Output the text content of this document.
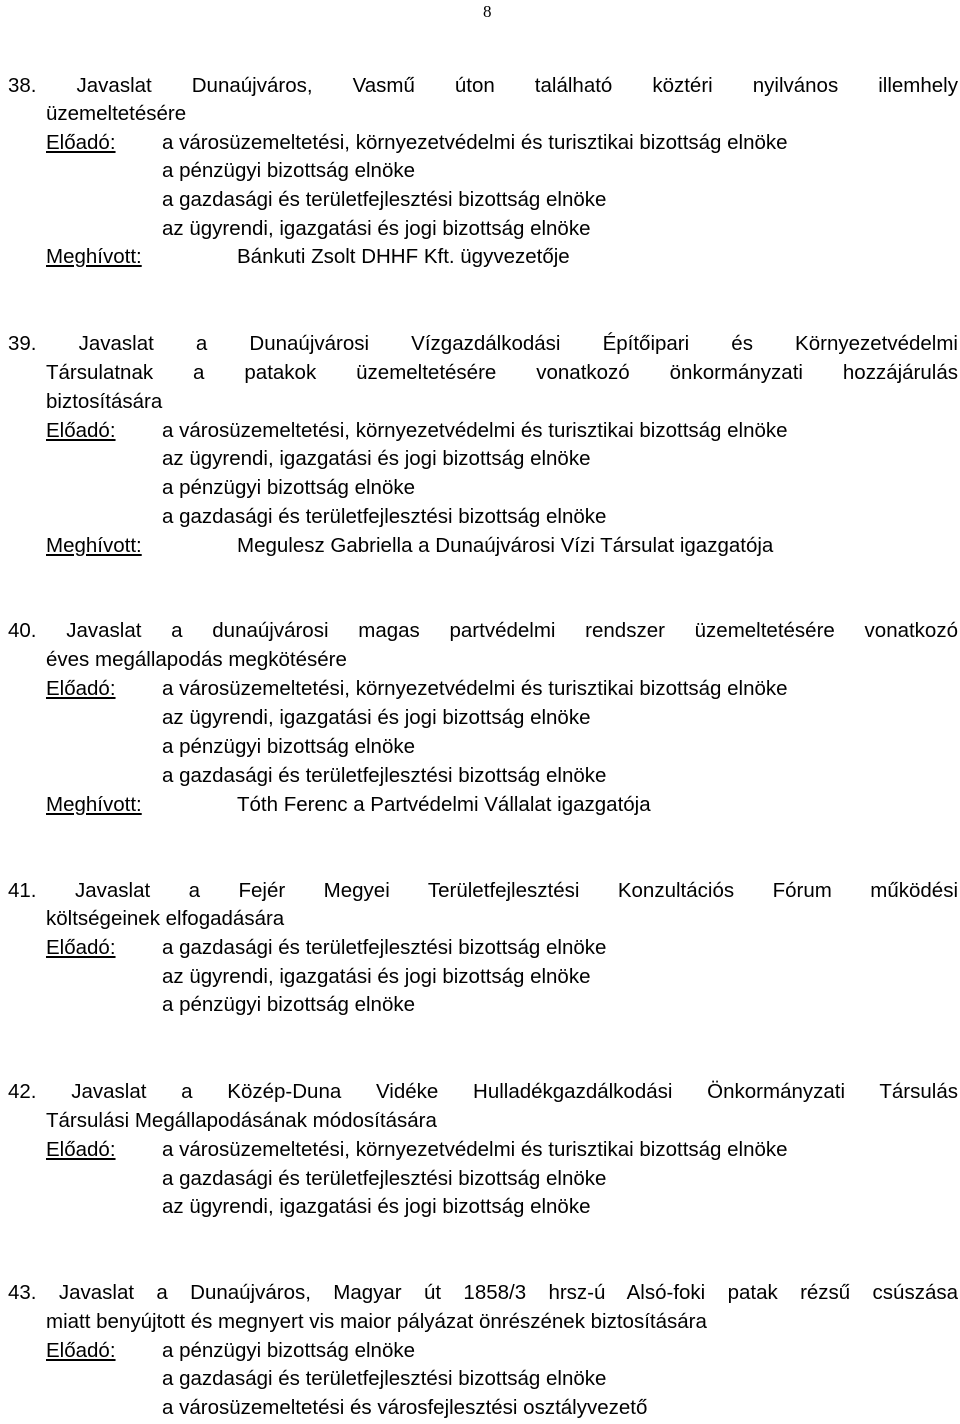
8
38. Javaslat Dunaújváros, Vasmű úton található köztéri nyilvános illemhely
üzemeltetésére
Előadó: a városüzemeltetési, környezetvédelmi és turisztikai bizottság elnöke
a pénzügyi bizottság elnöke
a gazdasági és területfejlesztési bizottság elnöke
az ügyrendi, igazgatási és jogi bizottság elnöke
Meghívott:	Bánkuti Zsolt DHHF Kft. ügyvezetője
39. Javaslat a Dunaújvárosi Vízgazdálkodási Építőipari és Környezetvédelmi
Társulatnak a patakok üzemeltetésére vonatkozó önkormányzati hozzájárulás
biztosítására
Előadó: a városüzemeltetési, környezetvédelmi és turisztikai bizottság elnöke
az ügyrendi, igazgatási és jogi bizottság elnöke
a pénzügyi bizottság elnöke
a gazdasági és területfejlesztési bizottság elnöke
Meghívott:	Megulesz Gabriella a Dunaújvárosi Vízi Társulat igazgatója
40. Javaslat a dunaújvárosi magas partvédelmi rendszer üzemeltetésére vonatkozó
éves megállapodás megkötésére
Előadó: a városüzemeltetési, környezetvédelmi és turisztikai bizottság elnöke
az ügyrendi, igazgatási és jogi bizottság elnöke
a pénzügyi bizottság elnöke
a gazdasági és területfejlesztési bizottság elnöke
Meghívott:	Tóth Ferenc a Partvédelmi Vállalat igazgatója
41. Javaslat a Fejér Megyei Területfejlesztési Konzultációs Fórum működési
költségeinek elfogadására
Előadó: a gazdasági és területfejlesztési bizottság elnöke
az ügyrendi, igazgatási és jogi bizottság elnöke
a pénzügyi bizottság elnöke
42. Javaslat a Közép-Duna Vidéke Hulladékgazdálkodási Önkormányzati Társulás
Társulási Megállapodásának módosítására
Előadó: a városüzemeltetési, környezetvédelmi és turisztikai bizottság elnöke
a gazdasági és területfejlesztési bizottság elnöke
az ügyrendi, igazgatási és jogi bizottság elnöke
43. Javaslat a Dunaújváros, Magyar út 1858/3 hrsz-ú Alsó-foki patak rézsű csúszása
miatt benyújtott és megnyert vis maior pályázat önrészének biztosítására
Előadó: a pénzügyi bizottság elnöke
a gazdasági és területfejlesztési bizottság elnöke
a városüzemeltetési és városfejlesztési osztályvezető
